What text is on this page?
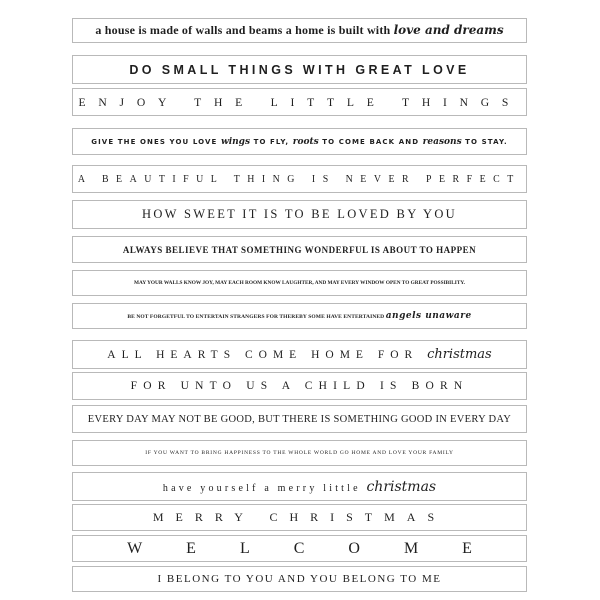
a house is made of walls and beams a home is built with love and dreams
DO SMALL THINGS WITH GREAT LOVE
ENJOY THE LITTLE THINGS
GIVE THE ONES YOU LOVE wings TO FLY, roots TO COME BACK AND reasons TO STAY.
A BEAUTIFUL THING IS NEVER PERFECT
HOW SWEET IT IS TO BE LOVED BY YOU
ALWAYS BELIEVE THAT SOMETHING WONDERFUL IS ABOUT TO HAPPEN
MAY YOUR WALLS KNOW JOY, MAY EACH ROOM KNOW LAUGHTER, AND MAY EVERY WINDOW OPEN TO GREAT POSSIBILITY.
BE NOT FORGETFUL TO ENTERTAIN STRANGERS FOR THEREBY SOME HAVE ENTERTAINED angels unaware
ALL HEARTS COME HOME FOR christmas
FOR UNTO US A CHILD IS BORN
EVERY DAY MAY NOT BE GOOD, BUT THERE IS SOMETHING GOOD IN EVERY DAY
IF YOU WANT TO BRING HAPPINESS TO THE WHOLE WORLD GO HOME AND LOVE YOUR FAMILY
have yourself a merry little christmas
MERRY CHRISTMAS
WELCOME
I BELONG TO YOU AND YOU BELONG TO ME
